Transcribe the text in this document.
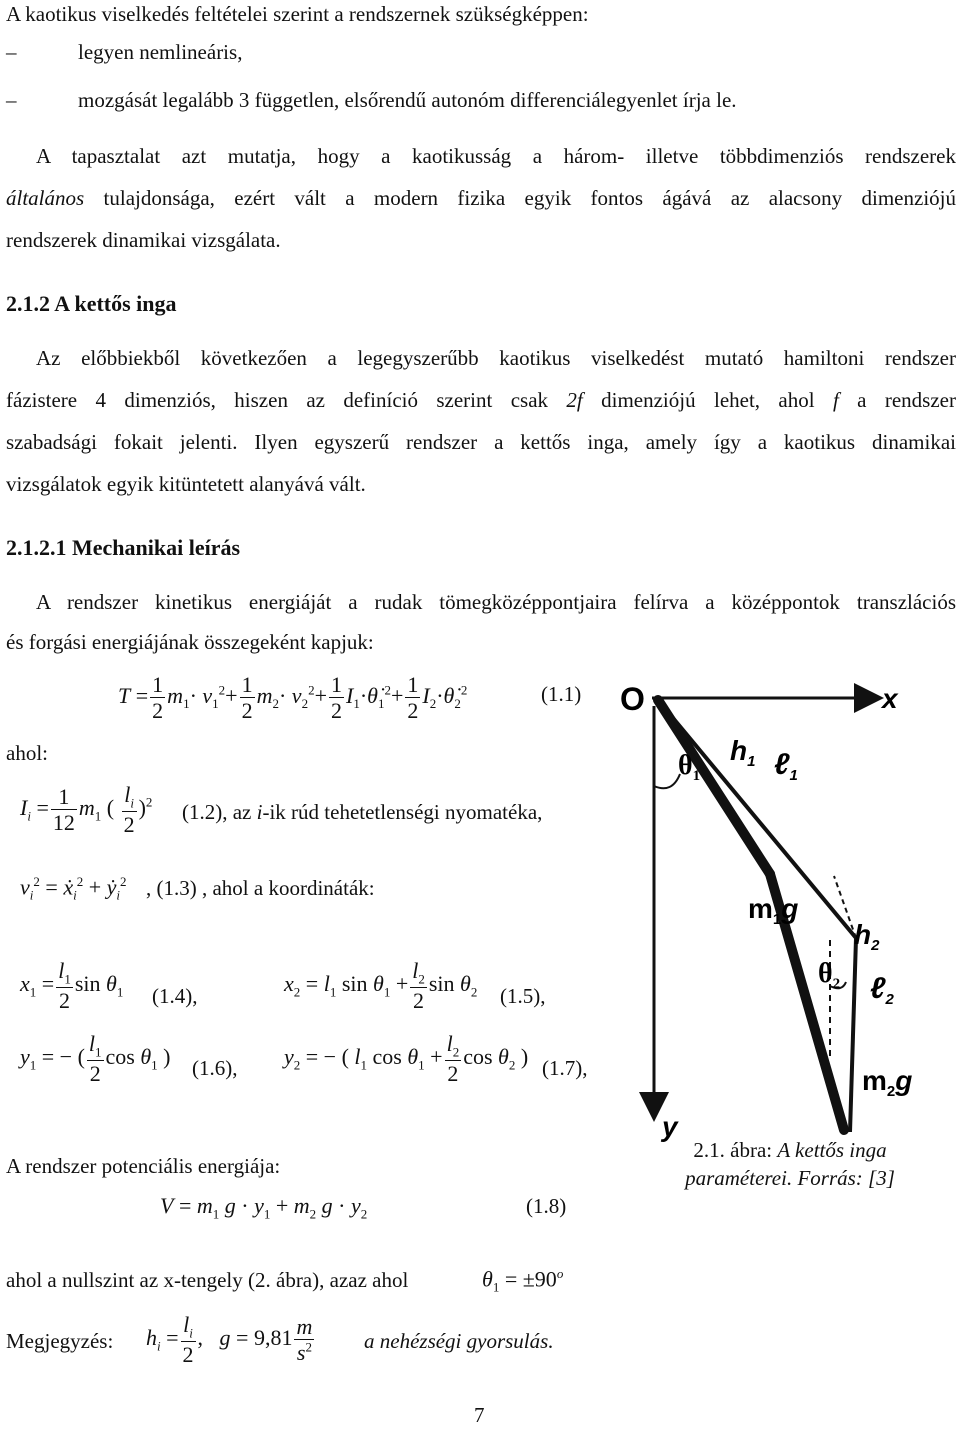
A kaotikus viselkedés feltételei szerint a rendszernek szükségképpen:
–	legyen nemlineáris,
–	mozgását legalább 3 független, elsőrendű autonóm differenciálegyenlet írja le.
A tapasztalat azt mutatja, hogy a kaotikusság a három- illetve többdimenziós rendszerek
általános tulajdonsága, ezért vált a modern fizika egyik fontos ágává az alacsony dimenziójú
rendszerek dinamikai vizsgálata.
2.1.2 A kettős inga
Az előbbiekből következően a legegyszerűbb kaotikus viselkedést mutató hamiltoni rendszer
fázistere 4 dimenziós, hiszen az definíció szerint csak 2f dimenziójú lehet, ahol f a rendszer
szabadsági fokait jelenti. Ilyen egyszerű rendszer a kettős inga, amely így a kaotikus dinamikai
vizsgálatok egyik kitüntetett alanyává vált.
2.1.2.1 Mechanikai leírás
A rendszer kinetikus energiáját a rudak tömegközéppontjaira felírva a középpontok transzlációs
és forgási energiájának összegeként kapjuk:
$T = \frac{1}{2} m_1\cdot v_1^2+ \frac{1}{2} m_2\cdot v_2^2+ \frac{1}{2}$ $I_1\cdot\thetȧ_1^2+ \frac{1}{2}$ $I_2\cdot\thetȧ_2^2$	(1.1)
ahol:
$I_i = \frac{1}{12} m_1$ ( $\frac{l_i}{2} )^2$ (1.2), az i-ik rúd tehetetlenségi nyomatéka,
$v_i^2$ = ẋ$_i^2$ + ẏ$_i^2$ , (1.3) , ahol a koordináták:
$x_1 = \frac{l_1}{2}$ $\sin \theta_1$ (1.4),
$x_2 = l_1$ $\sin \theta_1 + \frac{l_2}{2}$ $\sin \theta_2$ (1.5),
$y_1$ = − ( $\frac{l_1}{2}$ $\cos \theta_1$ ) (1.6), $y_2$ = − ( $l_1$ $\cos \theta_1 + \frac{l_2}{2}$ $\cos \theta_2$ ) (1.7),
A rendszer potenciális energiája:
$V = m_1$ $g \cdot y_1 + m_2$ $g \cdot y_2$	(1.8)
ahol a nullszint az x-tengely (2. ábra), azaz ahol	$\theta_1 = \pm 90^o$
Megjegyzés: $h_i = \frac{l_i}{2}$ ,   $g = 9,81 \frac{m}{s^2}$ a nehézségi gyorsulás.
O	x
y
$\theta_1$
$h_1$ ℓ$_1$
$m_1g$
$h_2$
$\theta_2$ ℓ$_2$
$m_2g$
2.1. ábra: A kettős inga
paraméterei. Forrás: [3]
7
